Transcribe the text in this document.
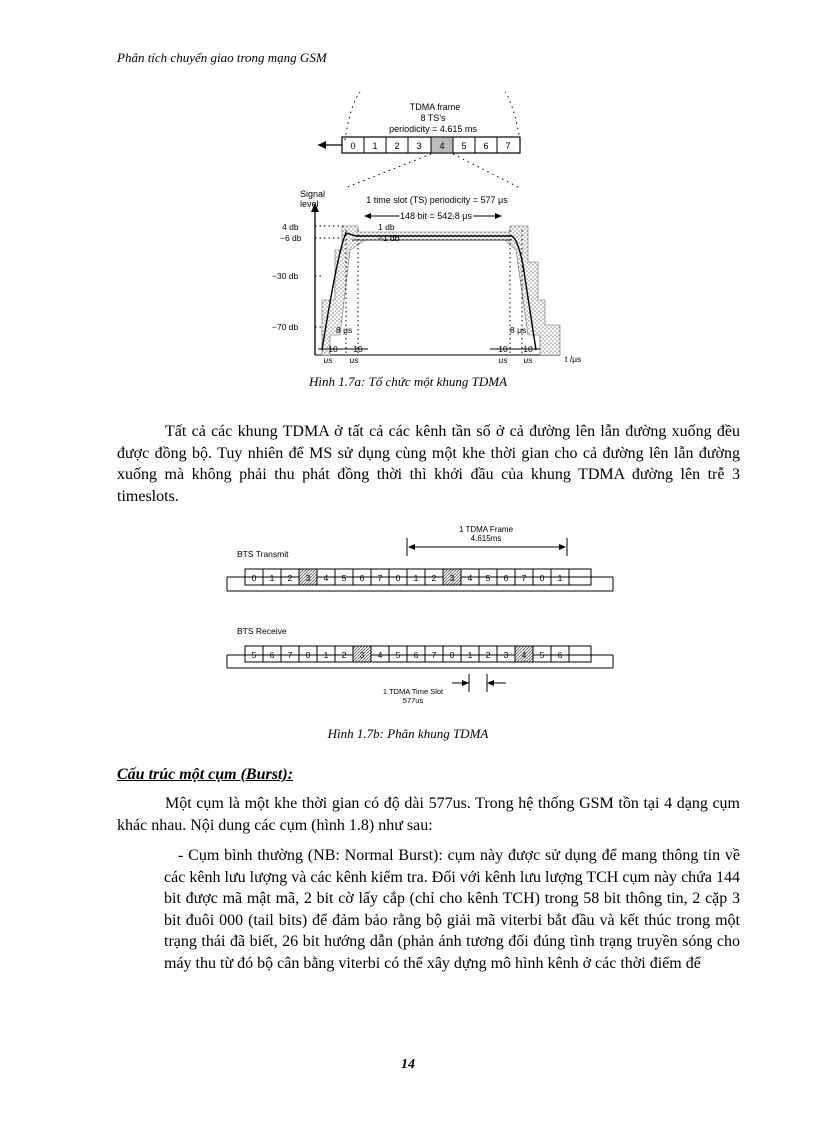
Phân tích chuyển giao trong mạng GSM
TDMA frame
8 TS's
periodicity = 4.615 ms
0 1 2 3 4 5 6 7
Signal
level	1 time slot (TS) periodicity = 577 μs
148 bit = 542.8 μs
4 db
−6 db
−30 db
−70 db
1 db
−1 db
8 μs	8 μs
10 10	10 10
us us	us us	t /μs
Hình 1.7a: Tổ chức một khung TDMA
Tất cả các khung TDMA ở tất cả các kênh tần số ở cả đường lên lẫn đường xuống đều được đồng bộ. Tuy nhiên để MS sử dụng cùng một khe thời gian cho cả đường lên lẫn đường xuống mà không phải thu phát đồng thời thì khởi đầu của khung TDMA đường lên trễ 3 timeslots.
1 TDMA Frame
4.615ms
BTS Transmit
0 1 2 3 4 5 6 7 0 1 2 3 4 5 6 7 0 1
BTS Receive
5 6 7 0 1 2 3 4 5 6 7 0 1 2 3 4 5 6
1 TDMA Time Slot
577us
Hình 1.7b: Phân khung TDMA
Cấu trúc một cụm (Burst):
Một cụm là một khe thời gian có độ dài 577us. Trong hệ thống GSM tồn tại 4 dạng cụm khác nhau. Nội dung các cụm (hình 1.8) như sau:
- Cụm bình thường (NB: Normal Burst): cụm này được sử dụng để mang thông tin về các kênh lưu lượng và các kênh kiểm tra. Đối với kênh lưu lượng TCH cụm này chứa 144 bit được mã mật mã, 2 bit cờ lấy cắp (chỉ cho kênh TCH) trong 58 bit thông tin, 2 cặp 3 bit đuôi 000 (tail bits) để đảm bảo rằng bộ giải mã viterbi bắt đầu và kết thúc trong một trạng thái đã biết, 26 bit hướng dẫn (phản ánh tương đối đúng tình trạng truyền sóng cho máy thu từ đó bộ cân bằng viterbi có thể xây dựng mô hình kênh ở các thời điểm để
14
